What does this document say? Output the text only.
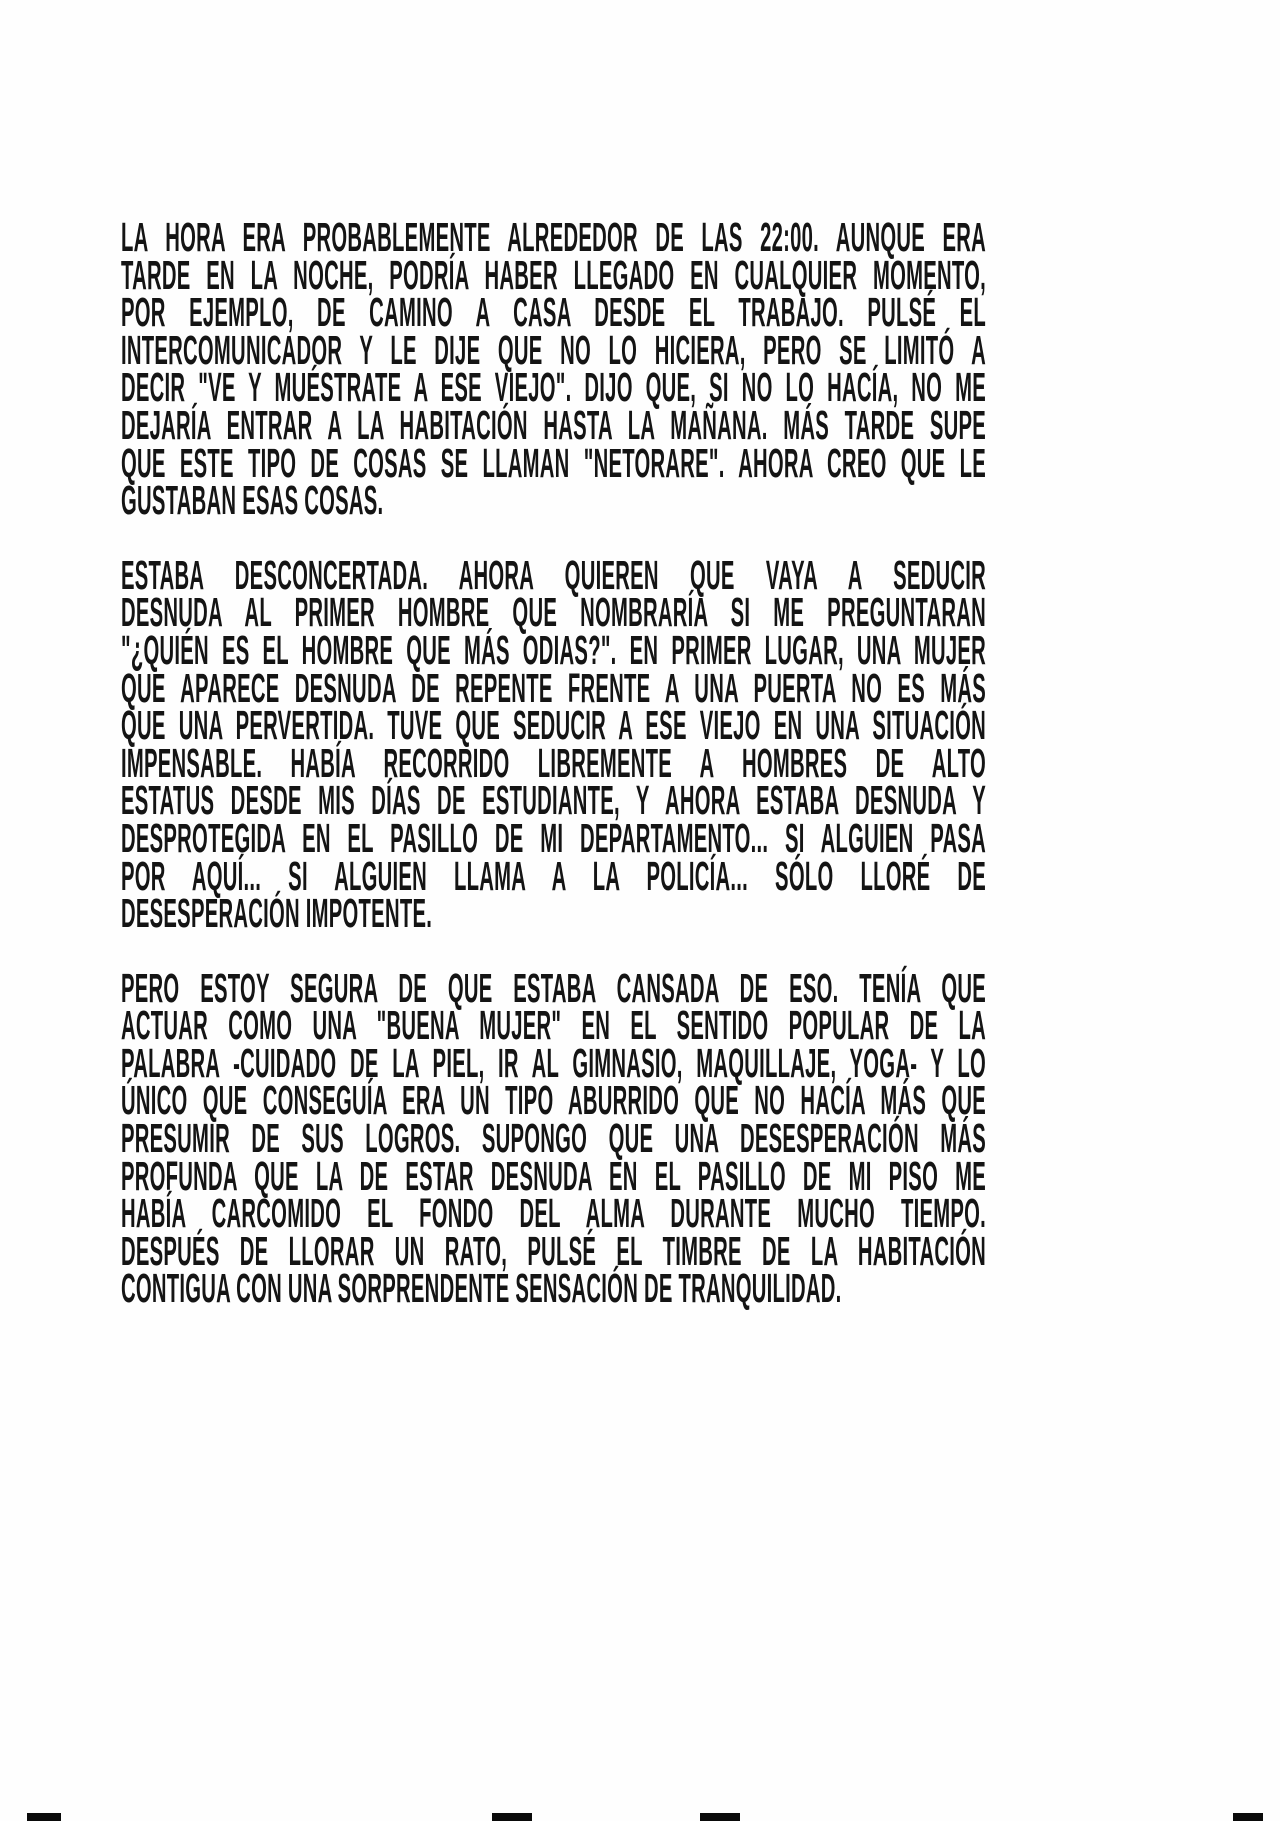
LA HORA ERA PROBABLEMENTE ALREDEDOR DE LAS 22:00. AUNQUE ERA
TARDE EN LA NOCHE, PODRÍA HABER LLEGADO EN CUALQUIER MOMENTO,
POR EJEMPLO, DE CAMINO A CASA DESDE EL TRABAJO. PULSÉ EL
INTERCOMUNICADOR Y LE DIJE QUE NO LO HICIERA, PERO SE LIMITÓ A
DECIR "VE Y MUÉSTRATE A ESE VIEJO". DIJO QUE, SI NO LO HACÍA, NO ME
DEJARÍA ENTRAR A LA HABITACIÓN HASTA LA MAÑANA. MÁS TARDE SUPE
QUE ESTE TIPO DE COSAS SE LLAMAN "NETORARE". AHORA CREO QUE LE
GUSTABAN ESAS COSAS.
ESTABA DESCONCERTADA. AHORA QUIEREN QUE VAYA A SEDUCIR
DESNUDA AL PRIMER HOMBRE QUE NOMBRARÍA SI ME PREGUNTARAN
"¿QUIÉN ES EL HOMBRE QUE MÁS ODIAS?". EN PRIMER LUGAR, UNA MUJER
QUE APARECE DESNUDA DE REPENTE FRENTE A UNA PUERTA NO ES MÁS
QUE UNA PERVERTIDA. TUVE QUE SEDUCIR A ESE VIEJO EN UNA SITUACIÓN
IMPENSABLE. HABÍA RECORRIDO LIBREMENTE A HOMBRES DE ALTO
ESTATUS DESDE MIS DÍAS DE ESTUDIANTE, Y AHORA ESTABA DESNUDA Y
DESPROTEGIDA EN EL PASILLO DE MI DEPARTAMENTO... SI ALGUIEN PASA
POR AQUÍ... SI ALGUIEN LLAMA A LA POLICÍA... SÓLO LLORÉ DE
DESESPERACIÓN IMPOTENTE.
PERO ESTOY SEGURA DE QUE ESTABA CANSADA DE ESO. TENÍA QUE
ACTUAR COMO UNA "BUENA MUJER" EN EL SENTIDO POPULAR DE LA
PALABRA -CUIDADO DE LA PIEL, IR AL GIMNASIO, MAQUILLAJE, YOGA- Y LO
ÚNICO QUE CONSEGUÍA ERA UN TIPO ABURRIDO QUE NO HACÍA MÁS QUE
PRESUMIR DE SUS LOGROS. SUPONGO QUE UNA DESESPERACIÓN MÁS
PROFUNDA QUE LA DE ESTAR DESNUDA EN EL PASILLO DE MI PISO ME
HABÍA CARCOMIDO EL FONDO DEL ALMA DURANTE MUCHO TIEMPO.
DESPUÉS DE LLORAR UN RATO, PULSÉ EL TIMBRE DE LA HABITACIÓN
CONTIGUA CON UNA SORPRENDENTE SENSACIÓN DE TRANQUILIDAD.
